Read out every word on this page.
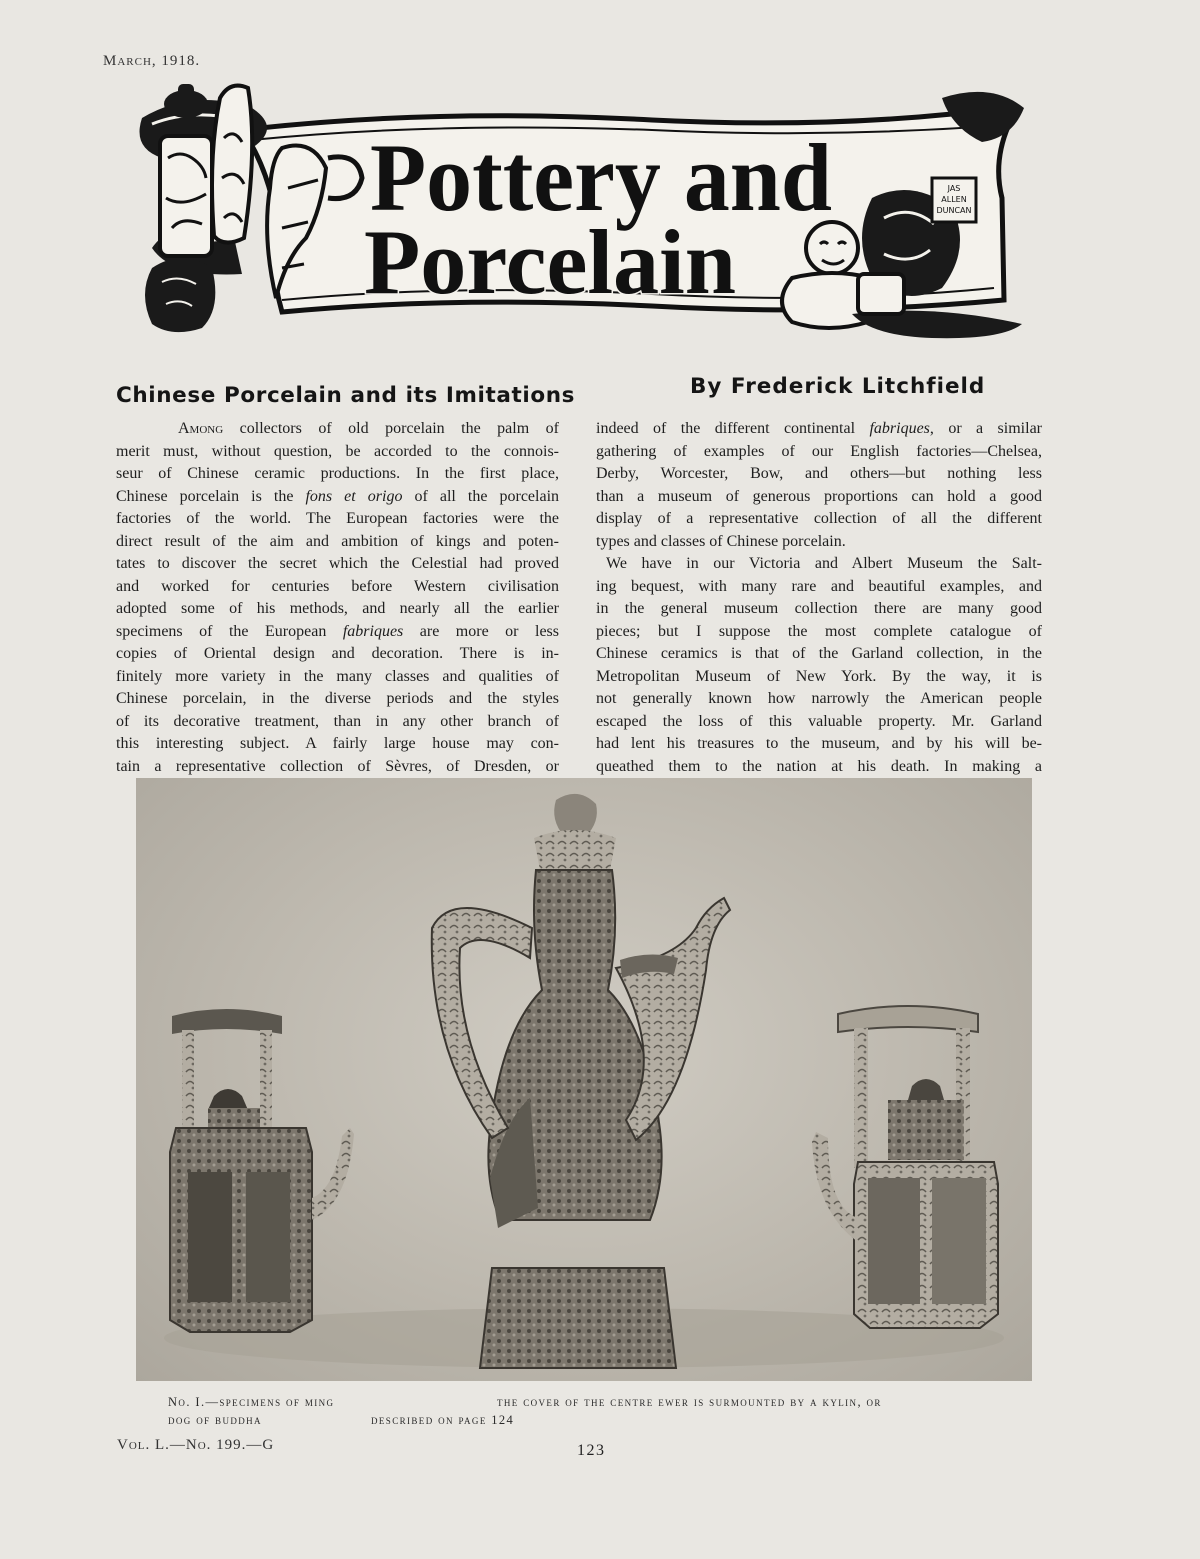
March, 1918.
JAS
ALLEN
DUNCAN
Pottery and
Porcelain
Chinese Porcelain and its Imitations	By Frederick Litchfield
Among collectors of old porcelain the palm of
merit must, without question, be accorded to the connois-
seur of Chinese ceramic productions. In the first place,
Chinese porcelain is the fons et origo of all the porcelain
factories of the world. The European factories were the
direct result of the aim and ambition of kings and poten-
tates to discover the secret which the Celestial had proved
and worked for centuries before Western civilisation
adopted some of his methods, and nearly all the earlier
specimens of the European fabriques are more or less
copies of Oriental design and decoration. There is in-
finitely more variety in the many classes and qualities of
Chinese porcelain, in the diverse periods and the styles
of its decorative treatment, than in any other branch of
this interesting subject. A fairly large house may con-
tain a representative collection of Sèvres, of Dresden, or
indeed of the different continental fabriques, or a similar
gathering of examples of our English factories—Chelsea,
Derby, Worcester, Bow, and others—but nothing less
than a museum of generous proportions can hold a good
display of a representative collection of all the different
types and classes of Chinese porcelain.
We have in our Victoria and Albert Museum the Salt-
ing bequest, with many rare and beautiful examples, and
in the general museum collection there are many good
pieces; but I suppose the most complete catalogue of
Chinese ceramics is that of the Garland collection, in the
Metropolitan Museum of New York. By the way, it is
not generally known how narrowly the American people
escaped the loss of this valuable property. Mr. Garland
had lent his treasures to the museum, and by his will be-
queathed them to the nation at his death. In making a
No. I.—specimens of ming	the cover of the centre ewer is surmounted by a kylin, or
dog of buddha	described on page 124
Vol. L.—No. 199.—G	123
